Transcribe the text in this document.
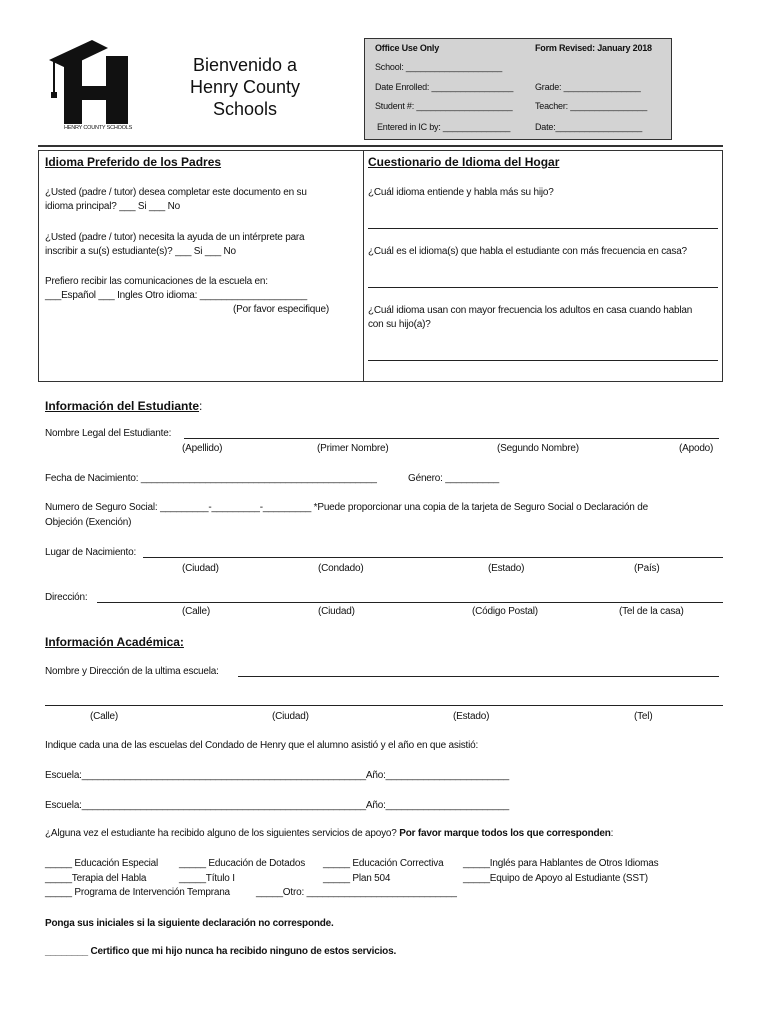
HENRY COUNTY SCHOOLS
Bienvenido a
Henry County
Schools
Office Use Only	Form Revised: January 2018
School: ____________________
Date Enrolled: _________________ Grade: ________________
Student #: ____________________	Teacher: ________________
Entered in IC by: ______________	Date:__________________
Idioma Preferido de los Padres
¿Usted (padre / tutor) desea completar este documento en su
idioma principal? ___ Si ___ No
¿Usted (padre / tutor) necesita la ayuda de un intérprete para
inscribir a su(s) estudiante(s)? ___ Si ___ No
Prefiero recibir las comunicaciones de la escuela en:
___Español ___ Ingles Otro idioma: ____________________
(Por favor especifique)
Cuestionario de Idioma del Hogar
¿Cuál idioma entiende y habla más su hijo?
¿Cuál es el idioma(s) que habla el estudiante con más frecuencia en casa?
¿Cuál idioma usan con mayor frecuencia los adultos en casa cuando hablan
con su hijo(a)?
Información del Estudiante:
Nombre Legal del Estudiante:
(Apellido)	(Primer Nombre)	(Segundo Nombre)	(Apodo)
Fecha de Nacimiento: ____________________________________________	Género: __________
Numero de Seguro Social: _________-_________-_________ *Puede proporcionar una copia de la tarjeta de Seguro Social o Declaración de
Objeción (Exención)
Lugar de Nacimiento:
(Ciudad)	(Condado)	(Estado)	(País)
Dirección:
(Calle)	(Ciudad)	(Código Postal)	(Tel de la casa)
Información Académica:
Nombre y Dirección de la ultima escuela:
(Calle)	(Ciudad)	(Estado)	(Tel)
Indique cada una de las escuelas del Condado de Henry que el alumno asistió y el año en que asistió:
Escuela:_____________________________________________________Año:_______________________
Escuela:_____________________________________________________Año:_______________________
¿Alguna vez el estudiante ha recibido alguno de los siguientes servicios de apoyo? Por favor marque todos los que corresponden:
_____ Educación Especial _____ Educación de Dotados _____ Educación Correctiva _____Inglés para Hablantes de Otros Idiomas
_____Terapia del Habla	_____Título I	_____ Plan 504	_____Equipo de Apoyo al Estudiante (SST)
_____ Programa de Intervención Temprana	_____Otro: ____________________________
Ponga sus iniciales si la siguiente declaración no corresponde.
________ Certifico que mi hijo nunca ha recibido ninguno de estos servicios.
